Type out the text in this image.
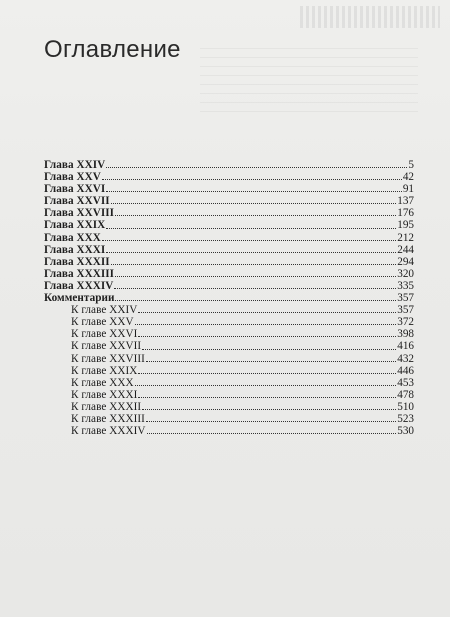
Оглавление
Глава XXIV	5
Глава XXV	42
Глава XXVI	91
Глава XXVII	137
Глава XXVIII	176
Глава XXIX	195
Глава XXX	212
Глава XXXI	244
Глава XXXII	294
Глава XXXIII	320
Глава XXXIV	335
Комментарии	357
К главе XXIV	357
К главе XXV	372
К главе XXVI	398
К главе XXVII	416
К главе XXVIII	432
К главе XXIX	446
К главе XXX	453
К главе XXXI	478
К главе XXXII	510
К главе XXXIII	523
К главе XXXIV	530
